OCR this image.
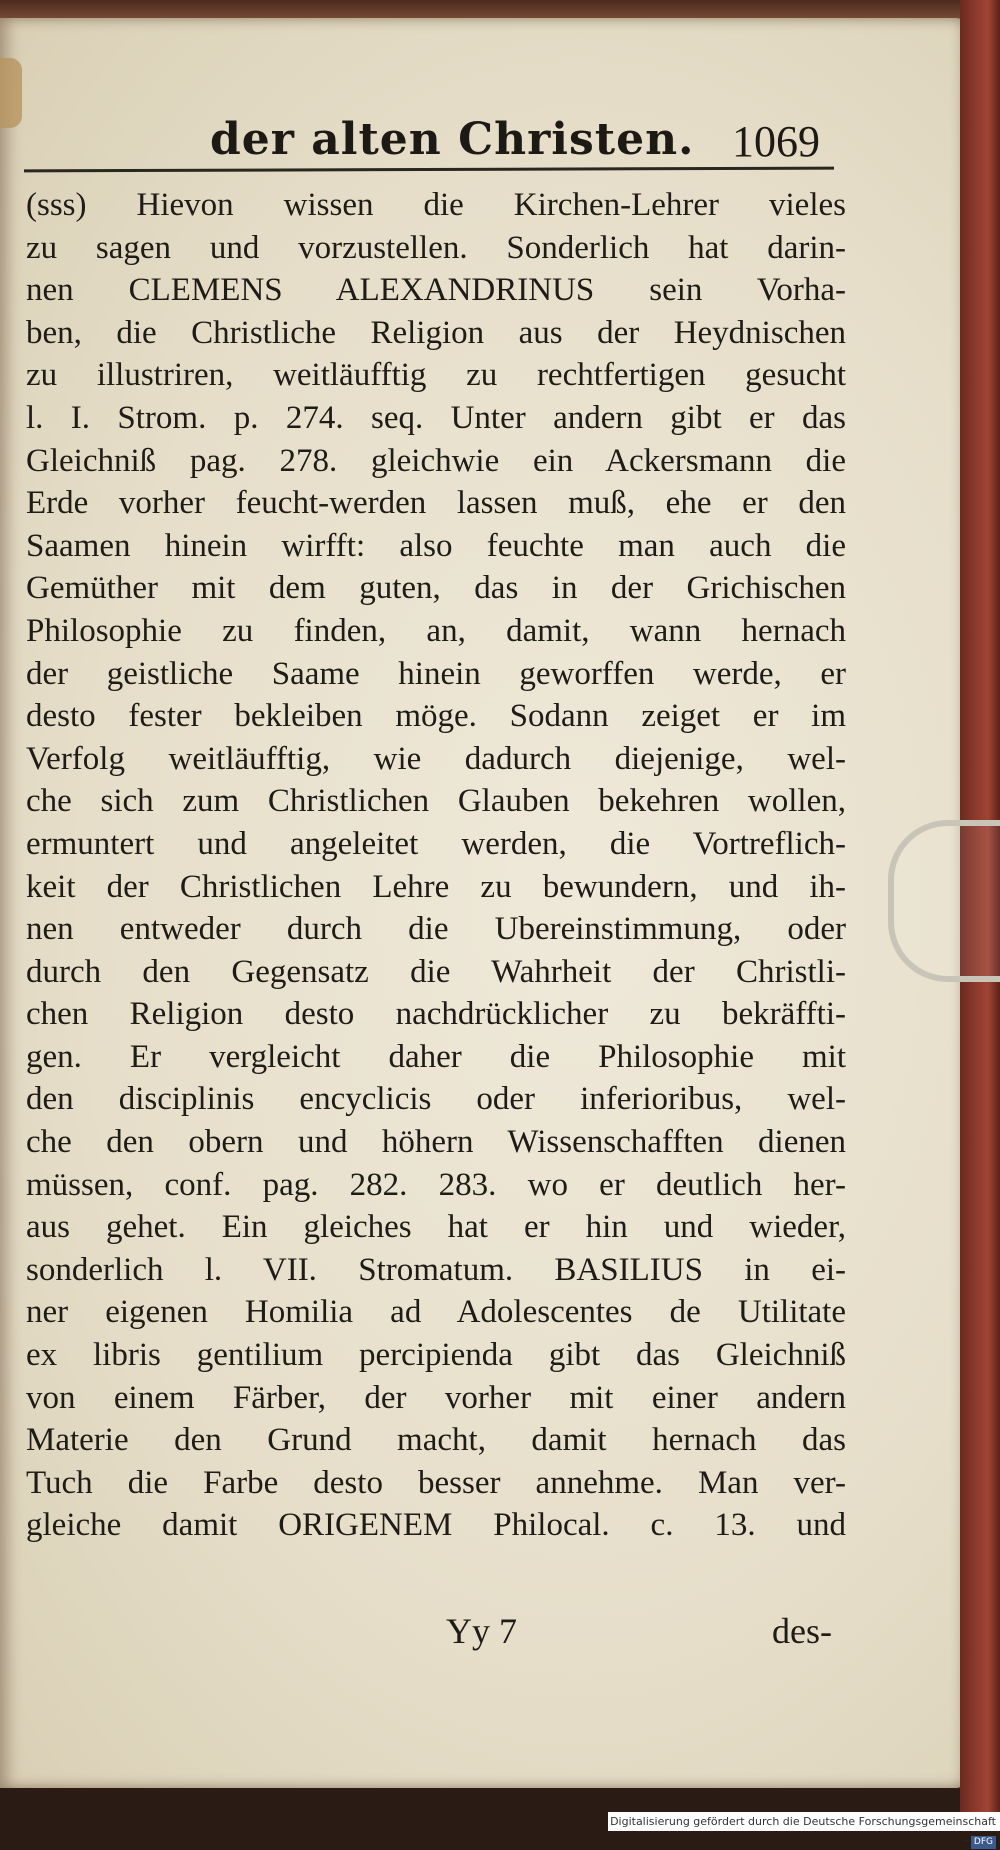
der alten Christen. 1069
(sss) Hievon wissen die Kirchen-Lehrer vieles
zu sagen und vorzustellen. Sonderlich hat darin-
nen CLEMENS ALEXANDRINUS sein Vorha-
ben, die Christliche Religion aus der Heydnischen
zu illustriren, weitläufftig zu rechtfertigen gesucht
l. I. Strom. p. 274. seq. Unter andern gibt er das
Gleichniß pag. 278. gleichwie ein Ackersmann die
Erde vorher feucht-werden lassen muß, ehe er den
Saamen hinein wirfft: also feuchte man auch die
Gemüther mit dem guten, das in der Grichischen
Philosophie zu finden, an, damit, wann hernach
der geistliche Saame hinein geworffen werde, er
desto fester bekleiben möge. Sodann zeiget er im
Verfolg weitläufftig, wie dadurch diejenige, wel-
che sich zum Christlichen Glauben bekehren wollen,
ermuntert und angeleitet werden, die Vortreflich-
keit der Christlichen Lehre zu bewundern, und ih-
nen entweder durch die Ubereinstimmung, oder
durch den Gegensatz die Wahrheit der Christli-
chen Religion desto nachdrücklicher zu bekräffti-
gen. Er vergleicht daher die Philosophie mit
den disciplinis encyclicis oder inferioribus, wel-
che den obern und höhern Wissenschafften dienen
müssen, conf. pag. 282. 283. wo er deutlich her-
aus gehet. Ein gleiches hat er hin und wieder,
sonderlich l. VII. Stromatum. BASILIUS in ei-
ner eigenen Homilia ad Adolescentes de Utilitate
ex libris gentilium percipienda gibt das Gleichniß
von einem Färber, der vorher mit einer andern
Materie den Grund macht, damit hernach das
Tuch die Farbe desto besser annehme. Man ver-
gleiche damit ORIGENEM Philocal. c. 13. und
Yy 7	des-
Digitalisierung gefördert durch die Deutsche Forschungsgemeinschaft · DFG
